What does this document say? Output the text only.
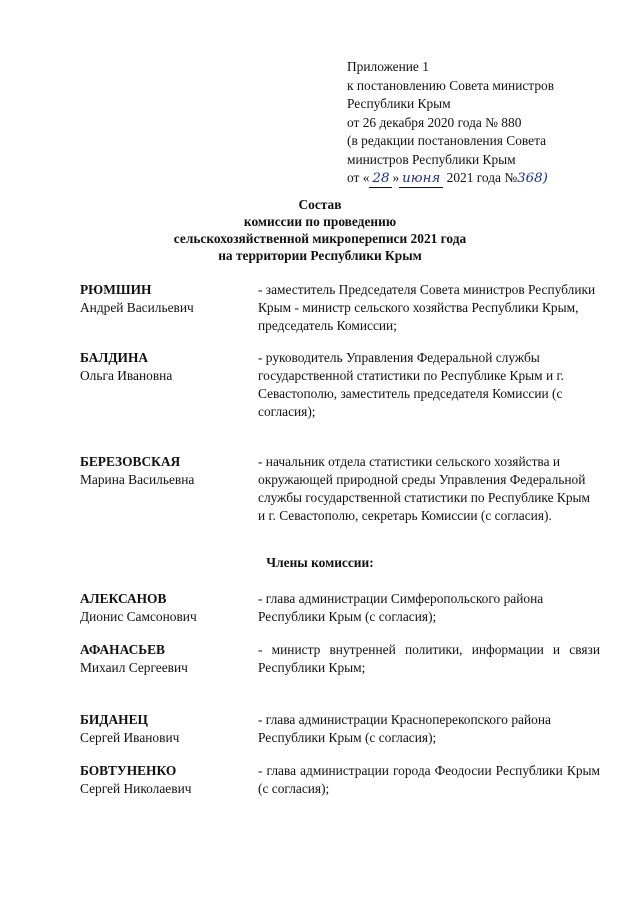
Приложение 1
к постановлению Совета министров
Республики Крым
от 26 декабря 2020 года № 880
(в редакции постановления Совета
министров Республики Крым
от « 28 » июня 2021 года №368)
Состав
комиссии по проведению
сельскохозяйственной микропереписи 2021 года
на территории Республики Крым
РЮМШИН
Андрей Васильевич
- заместитель Председателя Совета министров Республики Крым - министр сельского хозяйства Республики Крым, председатель Комиссии;
БАЛДИНА
Ольга Ивановна
- руководитель Управления Федеральной службы государственной статистики по Республике Крым и г. Севастополю, заместитель председателя Комиссии (с согласия);
БЕРЕЗОВСКАЯ
Марина Васильевна
- начальник отдела статистики сельского хозяйства и окружающей природной среды Управления Федеральной службы государственной статистики по Республике Крым и г. Севастополю, секретарь Комиссии (с согласия).
Члены комиссии:
АЛЕКСАНОВ
Дионис Самсонович
- глава администрации Симферопольского района Республики Крым (с согласия);
АФАНАСЬЕВ
Михаил Сергеевич
- министр внутренней политики, информации и связи Республики Крым;
БИДАНЕЦ
Сергей Иванович
- глава администрации Красноперекопского района Республики Крым (с согласия);
БОВТУНЕНКО
Сергей Николаевич
- глава администрации города Феодосии Республики Крым (с согласия);
